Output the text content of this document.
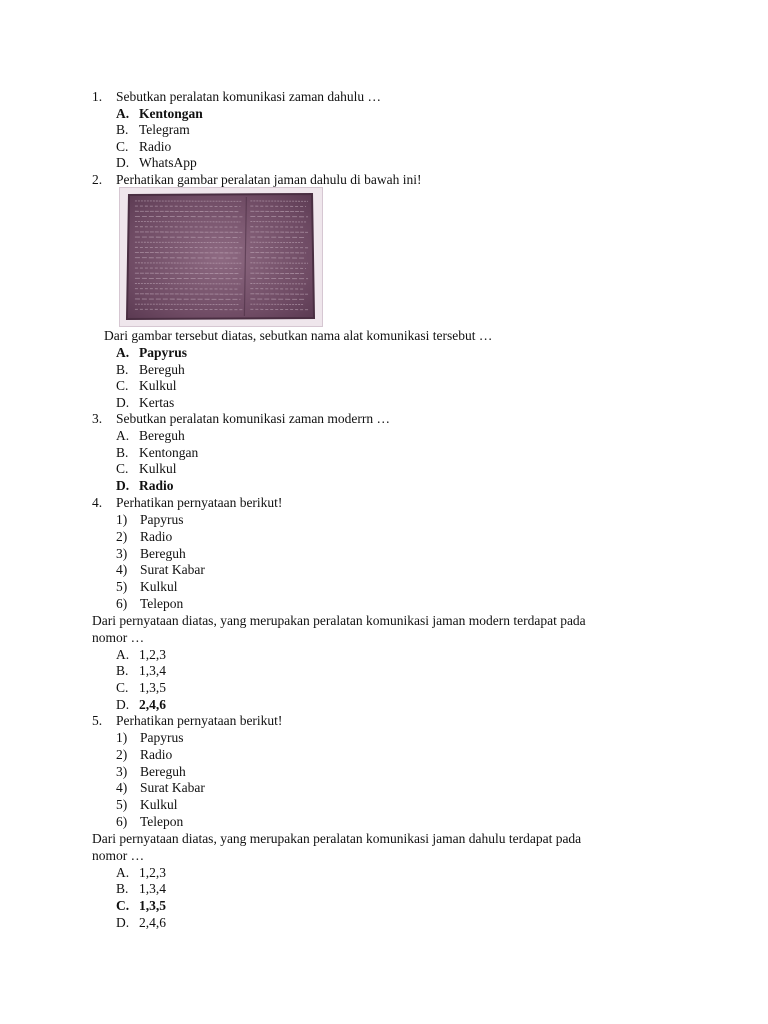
1. Sebutkan peralatan komunikasi zaman dahulu …
A. Kentongan
B. Telegram
C. Radio
D. WhatsApp
2. Perhatikan gambar peralatan jaman dahulu di bawah ini!
Dari gambar tersebut diatas, sebutkan nama alat komunikasi tersebut …
A. Papyrus
B. Bereguh
C. Kulkul
D. Kertas
3. Sebutkan peralatan komunikasi zaman moderrn …
A. Bereguh
B. Kentongan
C. Kulkul
D. Radio
4. Perhatikan pernyataan berikut!
1) Papyrus
2) Radio
3) Bereguh
4) Surat Kabar
5) Kulkul
6) Telepon
Dari pernyataan diatas, yang merupakan peralatan komunikasi jaman modern terdapat pada
nomor …
A. 1,2,3
B. 1,3,4
C. 1,3,5
D. 2,4,6
5. Perhatikan pernyataan berikut!
1) Papyrus
2) Radio
3) Bereguh
4) Surat Kabar
5) Kulkul
6) Telepon
Dari pernyataan diatas, yang merupakan peralatan komunikasi jaman dahulu terdapat pada
nomor …
A. 1,2,3
B. 1,3,4
C. 1,3,5
D. 2,4,6
